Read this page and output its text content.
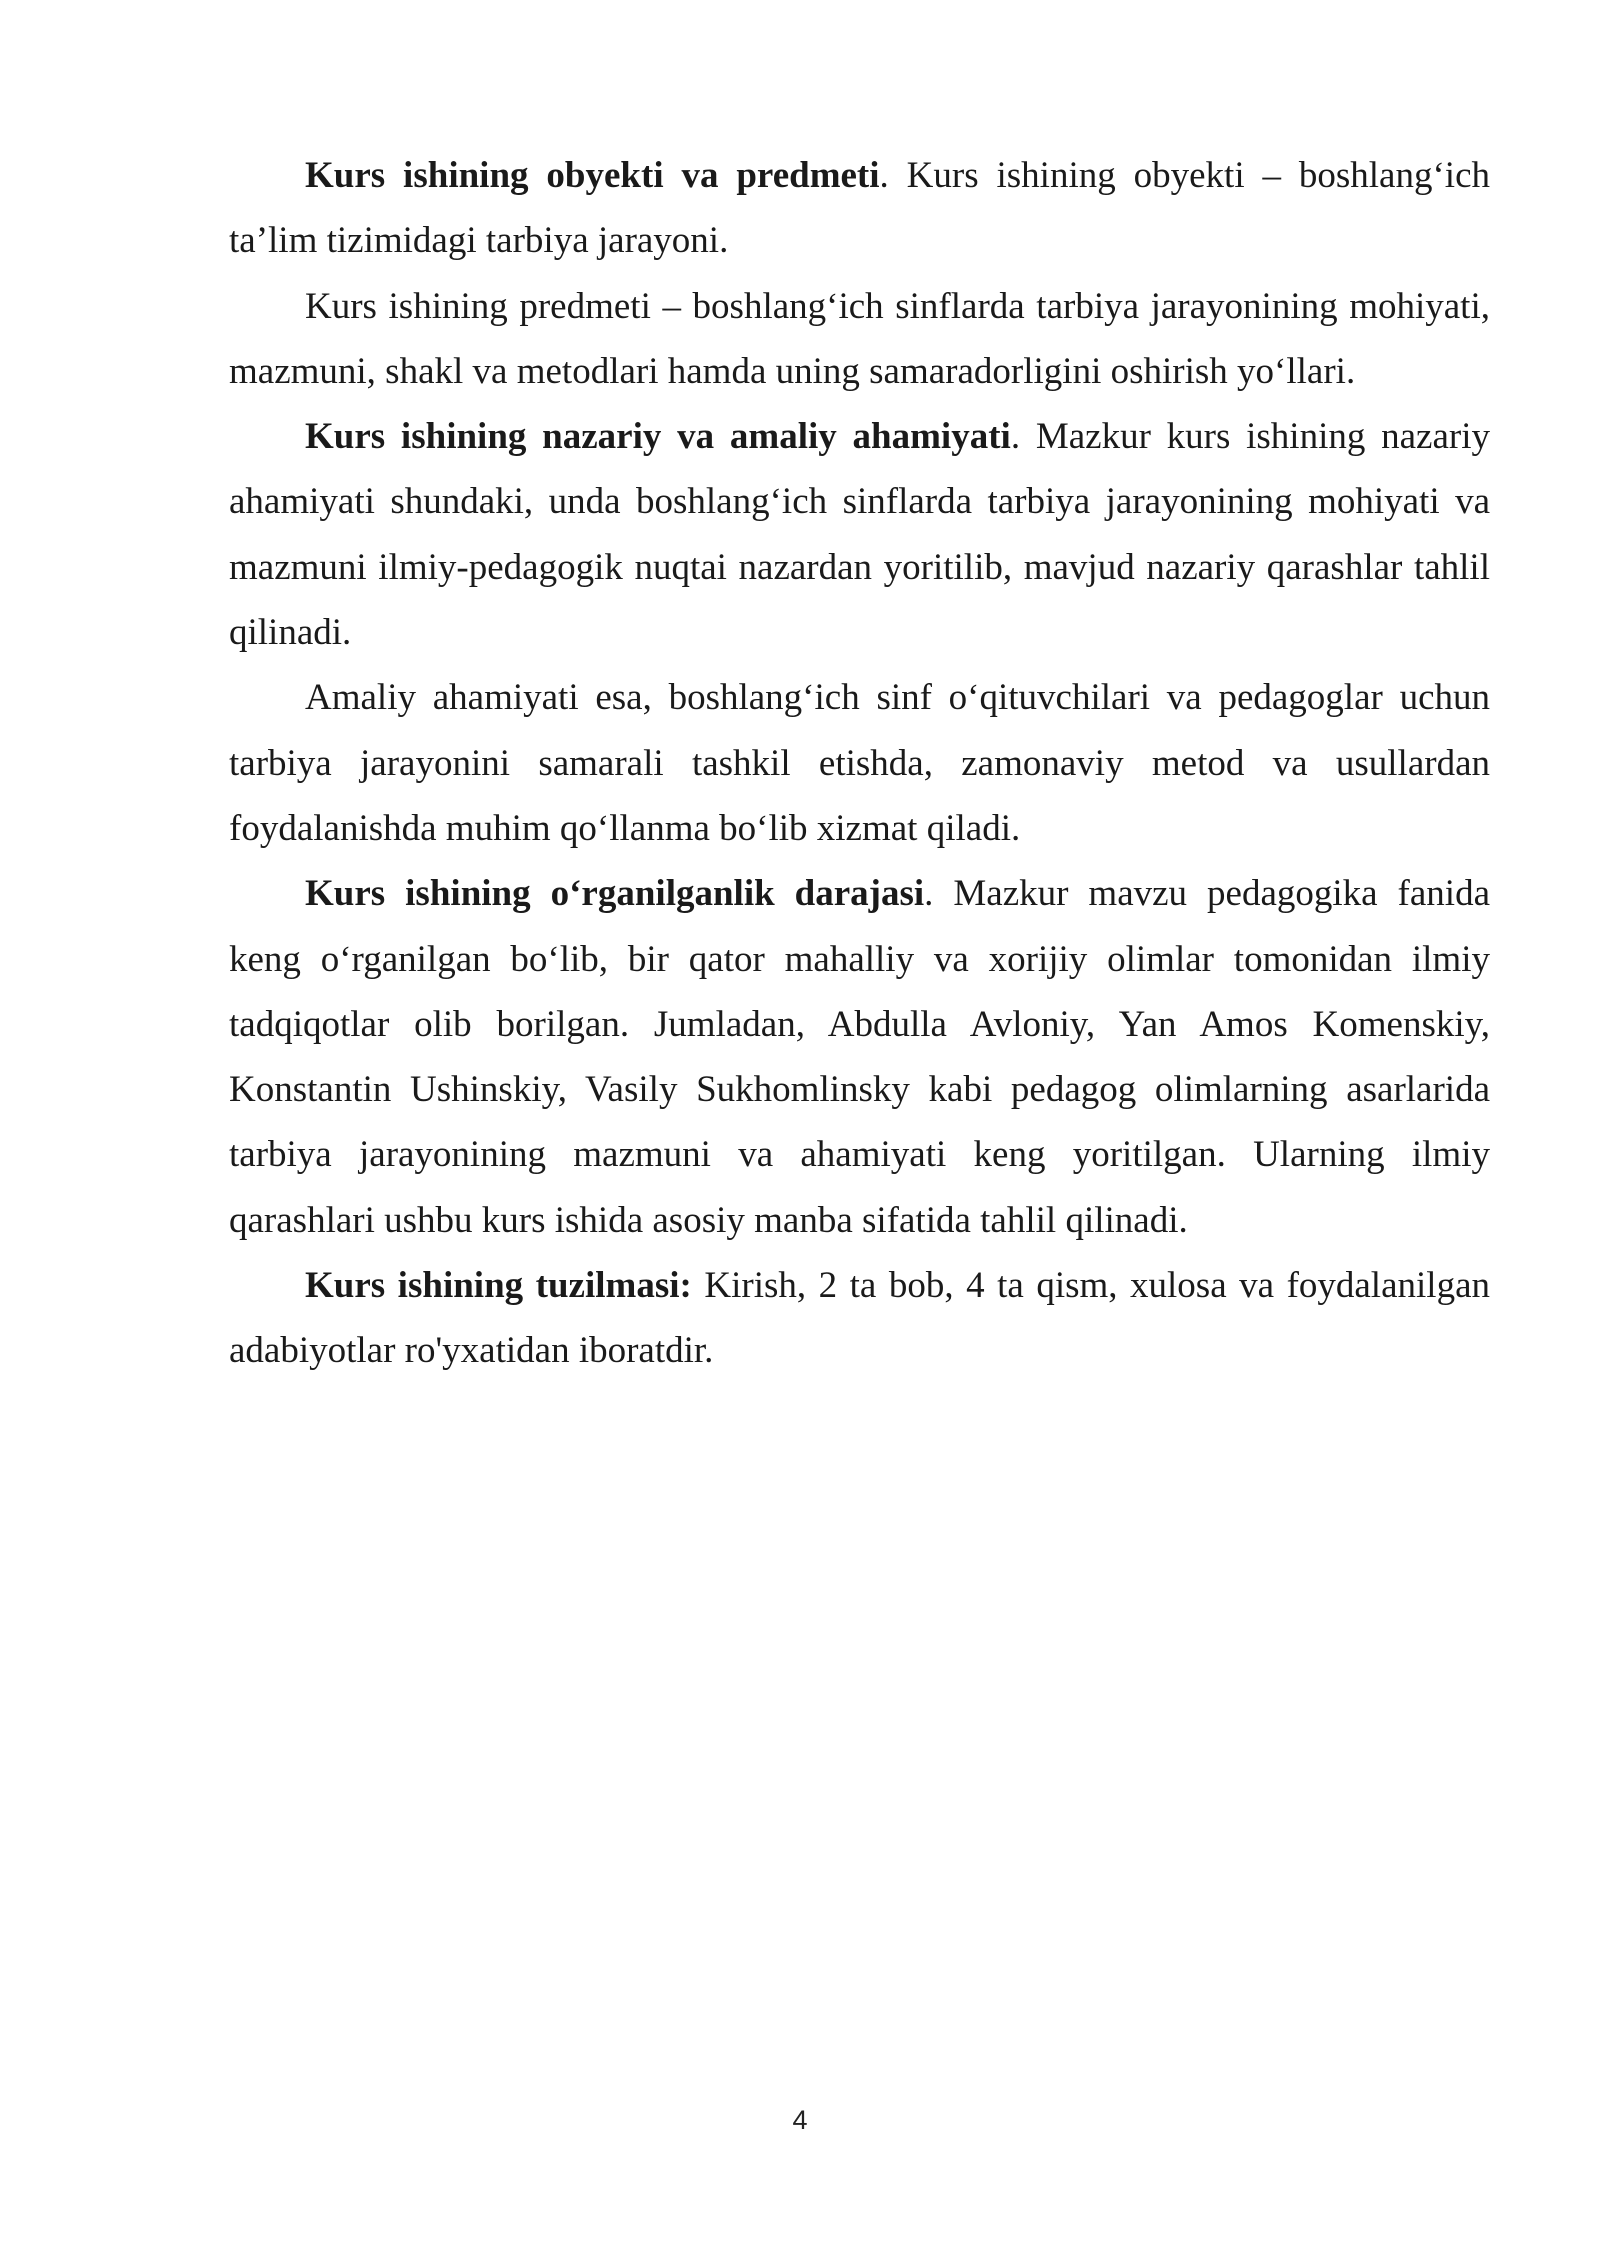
Kurs ishining obyekti va predmeti. Kurs ishining obyekti – boshlang‘ich ta’lim tizimidagi tarbiya jarayoni.

Kurs ishining predmeti – boshlang‘ich sinflarda tarbiya jarayonining mohiyati, mazmuni, shakl va metodlari hamda uning samaradorligini oshirish yo‘llari.

Kurs ishining nazariy va amaliy ahamiyati. Mazkur kurs ishining nazariy ahamiyati shundaki, unda boshlang‘ich sinflarda tarbiya jarayonining mohiyati va mazmuni ilmiy-pedagogik nuqtai nazardan yoritilib, mavjud nazariy qarashlar tahlil qilinadi.

Amaliy ahamiyati esa, boshlang‘ich sinf o‘qituvchilari va pedagoglar uchun tarbiya jarayonini samarali tashkil etishda, zamonaviy metod va usullardan foydalanishda muhim qo‘llanma bo‘lib xizmat qiladi.

Kurs ishining o‘rganilganlik darajasi. Mazkur mavzu pedagogika fanida keng o‘rganilgan bo‘lib, bir qator mahalliy va xorijiy olimlar tomonidan ilmiy tadqiqotlar olib borilgan. Jumladan, Abdulla Avloniy, Yan Amos Komenskiy, Konstantin Ushinskiy, Vasily Sukhomlinsky kabi pedagog olimlarning asarlarida tarbiya jarayonining mazmuni va ahamiyati keng yoritilgan. Ularning ilmiy qarashlari ushbu kurs ishida asosiy manba sifatida tahlil qilinadi.

Kurs ishining tuzilmasi: Kirish, 2 ta bob, 4 ta qism, xulosa va foydalanilgan adabiyotlar ro'yxatidan iboratdir.

4
